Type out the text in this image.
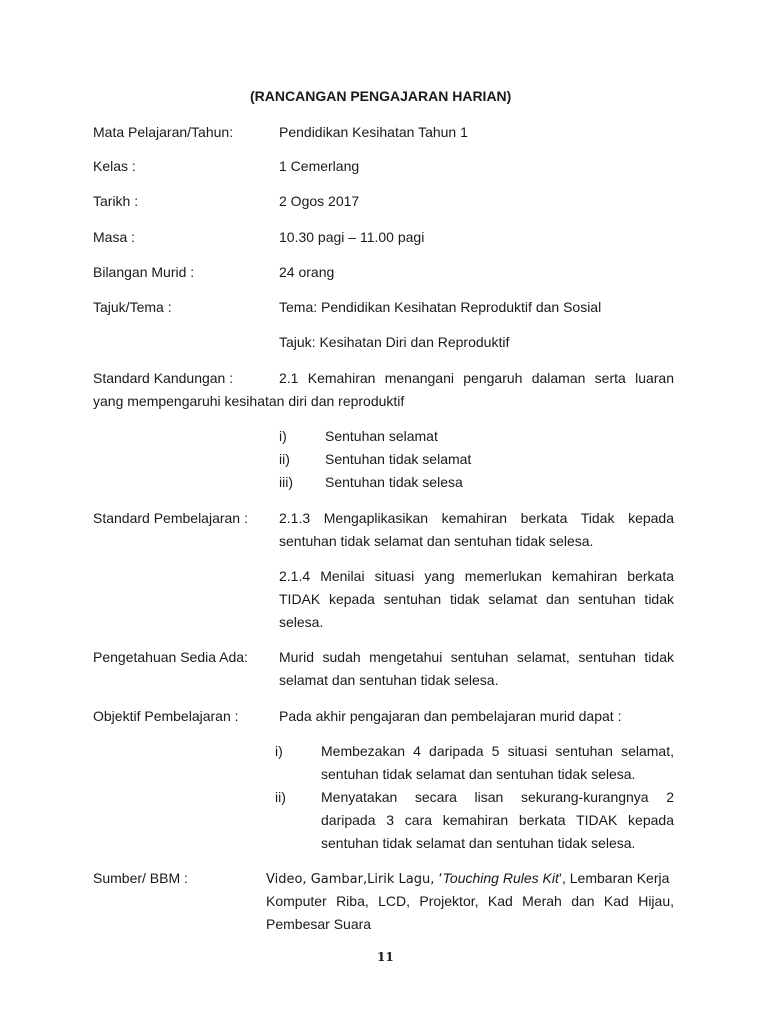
(RANCANGAN PENGAJARAN HARIAN)
Mata Pelajaran/Tahun:	Pendidikan Kesihatan Tahun 1
Kelas :	1 Cemerlang
Tarikh :	2 Ogos 2017
Masa :	10.30 pagi – 11.00 pagi
Bilangan Murid :	24 orang
Tajuk/Tema :	Tema: Pendidikan Kesihatan Reproduktif dan Sosial
Tajuk: Kesihatan Diri dan Reproduktif
Standard Kandungan :	2.1 Kemahiran menangani pengaruh dalaman serta luaran
yang mempengaruhi kesihatan diri dan reproduktif
i)	Sentuhan selamat
ii)	Sentuhan tidak selamat
iii) Sentuhan tidak selesa
Standard Pembelajaran : 2.1.3 Mengaplikasikan kemahiran berkata Tidak kepada
sentuhan tidak selamat dan sentuhan tidak selesa.
2.1.4 Menilai situasi yang memerlukan kemahiran berkata
TIDAK kepada sentuhan tidak selamat dan sentuhan tidak
selesa.
Pengetahuan Sedia Ada: Murid sudah mengetahui sentuhan selamat, sentuhan tidak
selamat dan sentuhan tidak selesa.
Objektif Pembelajaran :	Pada akhir pengajaran dan pembelajaran murid dapat :
i)	Membezakan 4 daripada 5 situasi sentuhan selamat,
sentuhan tidak selamat dan sentuhan tidak selesa.
ii)	Menyatakan secara lisan sekurang-kurangnya 2
daripada 3 cara kemahiran berkata TIDAK kepada
sentuhan tidak selamat dan sentuhan tidak selesa.
Sumber/ BBM :	Video, Gambar,Lirik Lagu, ‘Touching Rules Kit’, Lembaran Kerja
Komputer Riba, LCD, Projektor, Kad Merah dan Kad Hijau,
Pembesar Suara
11
